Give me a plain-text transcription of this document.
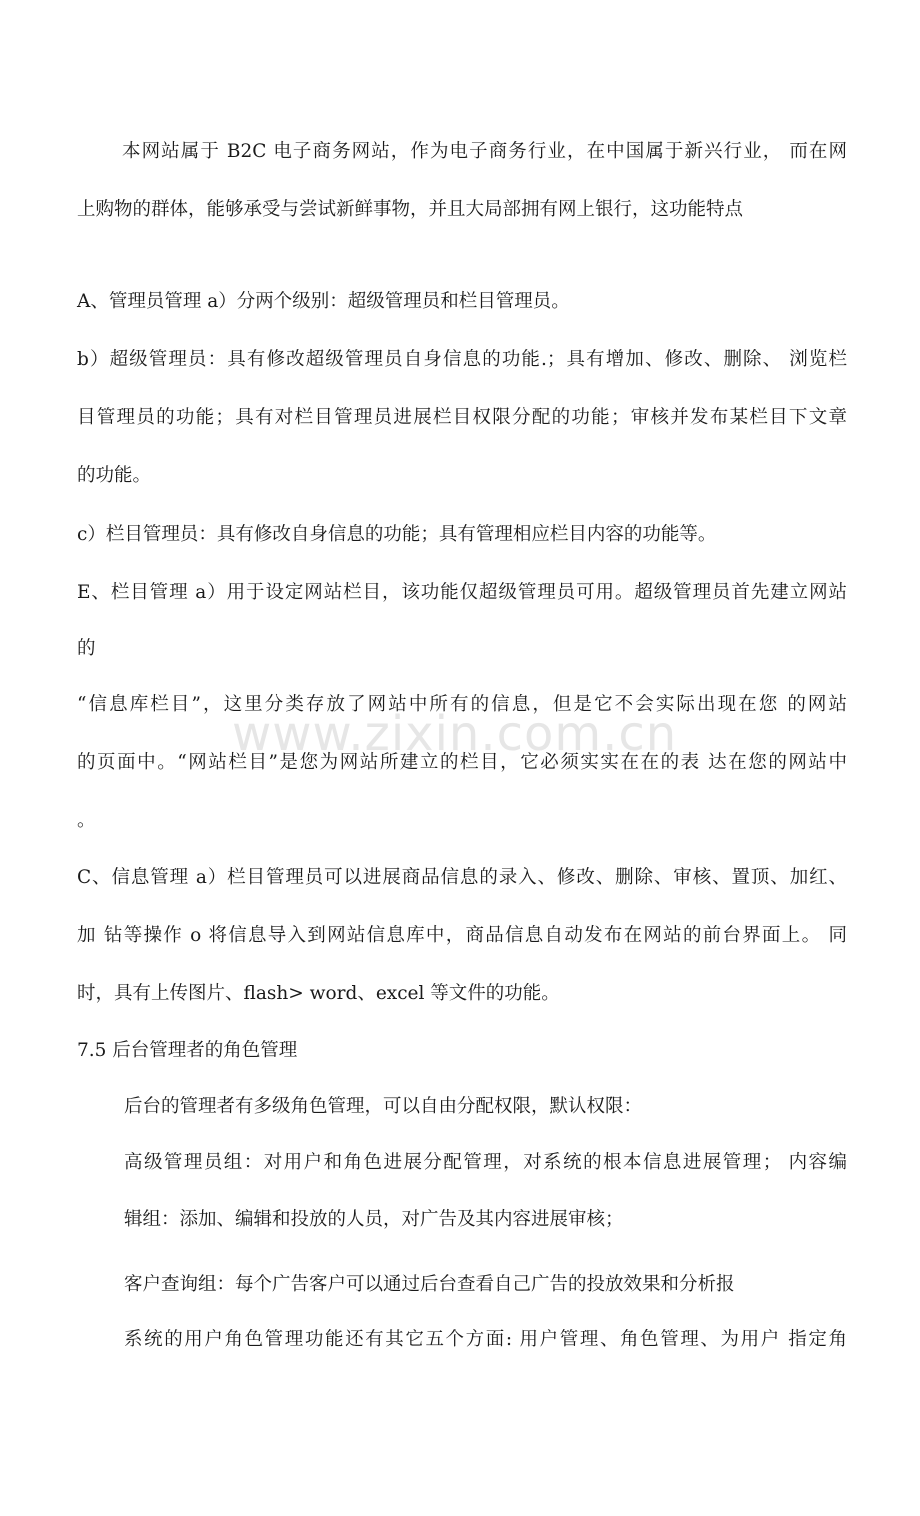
www.zixin.com.cn
本网站属于 B2C 电子商务网站，作为电子商务行业，在中国属于新兴行业， 而在网
上购物的群体，能够承受与尝试新鲜事物，并且大局部拥有网上银行，这功能特点
A、管理员管理 a）分两个级别：超级管理员和栏目管理员。
b）超级管理员：具有修改超级管理员自身信息的功能.；具有增加、修改、删除、 浏览栏
目管理员的功能；具有对栏目管理员进展栏目权限分配的功能；审核并发布某栏目下文章
的功能。
c）栏目管理员：具有修改自身信息的功能；具有管理相应栏目内容的功能等。
E、栏目管理 a）用于设定网站栏目，该功能仅超级管理员可用。超级管理员首先建立网站
的
“信息库栏目”，这里分类存放了网站中所有的信息，但是它不会实际出现在您 的网站
的页面中。“网站栏目”是您为网站所建立的栏目，它必须实实在在的表 达在您的网站中
。
C、信息管理 a）栏目管理员可以进展商品信息的录入、修改、删除、审核、置顶、加红、
加 钻等操作 o 将信息导入到网站信息库中，商品信息自动发布在网站的前台界面上。 同
时，具有上传图片、flash> word、excel 等文件的功能。
7.5 后台管理者的角色管理
后台的管理者有多级角色管理，可以自由分配权限，默认权限：
高级管理员组：对用户和角色进展分配管理，对系统的根本信息进展管理； 内容编
辑组：添加、编辑和投放的人员，对广告及其内容进展审核；
客户查询组：每个广告客户可以通过后台查看自己广告的投放效果和分析报
系统的用户角色管理功能还有其它五个方面: 用户管理、角色管理、为用户 指定角
